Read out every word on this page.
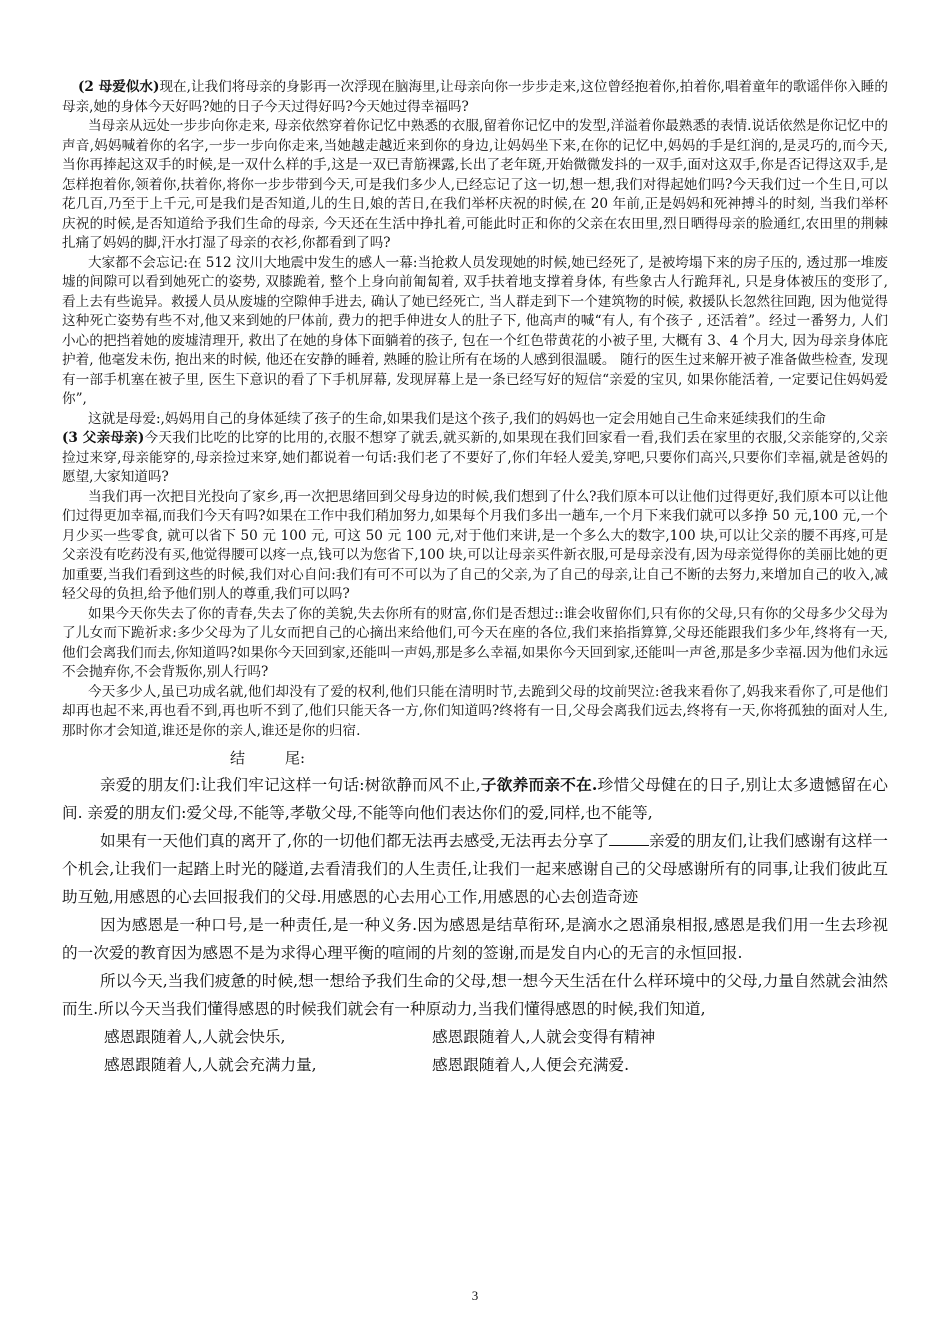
(2 母爱似水)现在,让我们将母亲的身影再一次浮现在脑海里,让母亲向你一步步走来,这位曾经抱着你,拍着你,唱着童年的歌谣伴你入睡的母亲,她的身体今天好吗?她的日子今天过得好吗?今天她过得幸福吗?

当母亲从远处一步步向你走来, 母亲依然穿着你记忆中熟悉的衣服,留着你记忆中的发型,洋溢着你最熟悉的表情.说话依然是你记忆中的声音,妈妈喊着你的名字,一步一步向你走来,当她越走越近来到你的身边,让妈妈坐下来,在你的记忆中,妈妈的手是红润的,是灵巧的,而今天,当你再捧起这双手的时候,是一双什么样的手,这是一双已青筋裸露,长出了老年斑,开始微微发抖的一双手,面对这双手,你是否记得这双手,是怎样抱着你,领着你,扶着你,将你一步步带到今天,可是我们多少人,已经忘记了这一切,想一想,我们对得起她们吗?今天我们过一个生日,可以花几百,乃至于上千元,可是我们是否知道,儿的生日,娘的苦日,在我们举杯庆祝的时候,在 20 年前,正是妈妈和死神搏斗的时刻, 当我们举杯庆祝的时候,是否知道给予我们生命的母亲, 今天还在生活中挣扎着,可能此时正和你的父亲在农田里,烈日晒得母亲的脸通红,农田里的荆棘扎痛了妈妈的脚,汗水打湿了母亲的衣衫,你都看到了吗?

大家都不会忘记:在 512 汶川大地震中发生的感人一幕:当抢救人员发现她的时候,她已经死了, 是被垮塌下来的房子压的, 透过那一堆废墟的间隙可以看到她死亡的姿势, 双膝跪着, 整个上身向前匍匐着, 双手扶着地支撑着身体, 有些象古人行跪拜礼, 只是身体被压的变形了, 看上去有些诡异。救援人员从废墟的空隙伸手进去, 确认了她已经死亡, 当人群走到下一个建筑物的时候, 救援队长忽然往回跑, 因为他觉得这种死亡姿势有些不对,他又来到她的尸体前, 费力的把手伸进女人的肚子下, 他高声的喊“有人, 有个孩子 , 还活着”。经过一番努力, 人们小心的把挡着她的废墟清理开, 救出了在她的身体下面躺着的孩子, 包在一个红色带黄花的小被子里, 大概有 3、4 个月大, 因为母亲身体庇护着, 他毫发未伤, 抱出来的时候, 他还在安静的睡着, 熟睡的脸让所有在场的人感到很温暖。 随行的医生过来解开被子准备做些检查, 发现有一部手机塞在被子里, 医生下意识的看了下手机屏幕, 发现屏幕上是一条已经写好的短信“亲爱的宝贝, 如果你能活着, 一定要记住妈妈爱你”,

这就是母爱:,妈妈用自己的身体延续了孩子的生命,如果我们是这个孩子,我们的妈妈也一定会用她自己生命来延续我们的生命

(3 父亲母亲)今天我们比吃的比穿的比用的,衣服不想穿了就丢,就买新的,如果现在我们回家看一看,我们丢在家里的衣服,父亲能穿的,父亲捡过来穿,母亲能穿的,母亲捡过来穿,她们都说着一句话:我们老了不要好了,你们年轻人爱美,穿吧,只要你们高兴,只要你们幸福,就是爸妈的愿望,大家知道吗?

当我们再一次把目光投向了家乡,再一次把思绪回到父母身边的时候,我们想到了什么?我们原本可以让他们过得更好,我们原本可以让他们过得更加幸福,而我们今天有吗?如果在工作中我们稍加努力,如果每个月我们多出一趟车,一个月下来我们就可以多挣 50 元,100 元,一个月少买一些零食, 就可以省下 50 元 100 元, 可这 50 元 100 元,对于他们来讲,是一个多么大的数字,100 块,可以让父亲的腰不再疼,可是父亲没有吃药没有买,他觉得腰可以疼一点,钱可以为您省下,100 块,可以让母亲买件新衣服,可是母亲没有,因为母亲觉得你的美丽比她的更加重要,当我们看到这些的时候,我们对心自问:我们有可不可以为了自己的父亲,为了自己的母亲,让自己不断的去努力,来增加自己的收入,减轻父母的负担,给予他们别人的尊重,我们可以吗?

如果今天你失去了你的青春,失去了你的美貌,失去你所有的财富,你们是否想过::谁会收留你们,只有你的父母,只有你的父母多少父母为了儿女而下跪祈求:多少父母为了儿女而把自己的心摘出来给他们,可今天在座的各位,我们来掐指算算,父母还能跟我们多少年,终将有一天,他们会离我们而去,你知道吗?如果你今天回到家,还能叫一声妈,那是多么幸福,如果你今天回到家,还能叫一声爸,那是多少幸福.因为他们永远不会抛弃你,不会背叛你,别人行吗?

今天多少人,虽已功成名就,他们却没有了爱的权利,他们只能在清明时节,去跪到父母的坟前哭泣:爸我来看你了,妈我来看你了,可是他们却再也起不来,再也看不到,再也听不到了,他们只能天各一方,你们知道吗?终将有一日,父母会离我们远去,终将有一天,你将孤独的面对人生,那时你才会知道,谁还是你的亲人,谁还是你的归宿.

结	尾:

亲爱的朋友们:让我们牢记这样一句话:树欲静而风不止,子欲养而亲不在.珍惜父母健在的日子,别让太多遗憾留在心间. 亲爱的朋友们:爱父母,不能等,孝敬父母,不能等向他们表达你们的爱,同样,也不能等,

如果有一天他们真的离开了,你的一切他们都无法再去感受,无法再去分享了	亲爱的朋友们,让我们感谢有这样一个机会,让我们一起踏上时光的隧道,去看清我们的人生责任,让我们一起来感谢自己的父母感谢所有的同事,让我们彼此互助互勉,用感恩的心去回报我们的父母.用感恩的心去用心工作,用感恩的心去创造奇迹

因为感恩是一种口号,是一种责任,是一种义务.因为感恩是结草衔环,是滴水之恩涌泉相报,感恩是我们用一生去珍视的一次爱的教育因为感恩不是为求得心理平衡的喧闹的片刻的签谢,而是发自内心的无言的永恒回报.

所以今天,当我们疲惫的时候,想一想给予我们生命的父母,想一想今天生活在什么样环境中的父母,力量自然就会油然而生.所以今天当我们懂得感恩的时候我们就会有一种原动力,当我们懂得感恩的时候,我们知道,

感恩跟随着人,人就会快乐,	感恩跟随着人,人就会变得有精神
感恩跟随着人,人就会充满力量,	感恩跟随着人,人便会充满爱.
3
